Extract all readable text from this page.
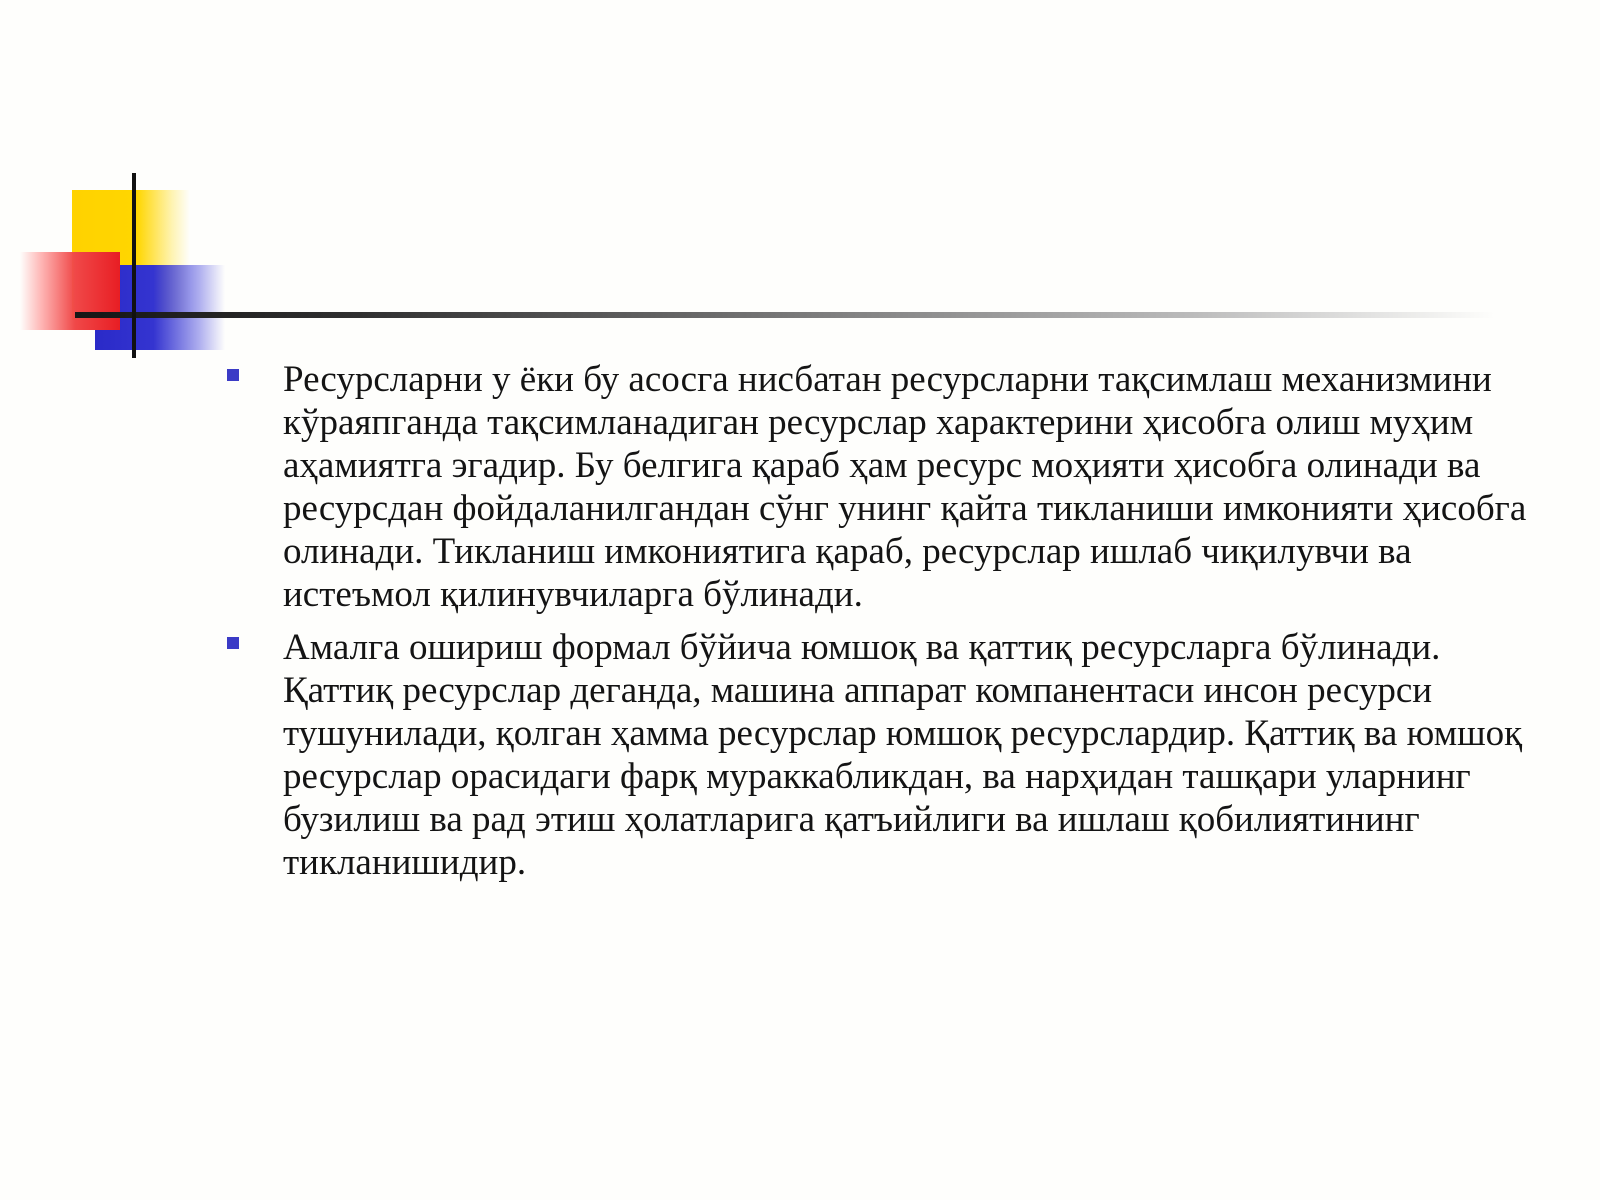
Ресурсларни у ёки бу асосга нисбатан ресурсларни тақсимлаш механизмини кўраяпганда тақсимланадиган ресурслар характерини ҳисобга олиш муҳим аҳамиятга эгадир. Бу белгига қараб ҳам ресурс моҳияти ҳисобга олинади ва ресурсдан фойдаланилгандан сўнг унинг қайта тикланиши имконияти ҳисобга олинади. Тикланиш имкониятига қараб, ресурслар ишлаб чиқилувчи ва истеъмол қилинувчиларга бўлинади.
Амалга ошириш формал бўйича юмшоқ ва қаттиқ ресурсларга бўлинади. Қаттиқ ресурслар деганда, машина аппарат компанентаси инсон ресурси тушунилади, қолган ҳамма ресурслар юмшоқ ресурслардир. Қаттиқ ва юмшоқ ресурслар орасидаги фарқ мураккабликдан, ва нарҳидан ташқари уларнинг бузилиш ва рад этиш ҳолатларига қатъийлиги ва ишлаш қобилиятининг тикланишидир.
